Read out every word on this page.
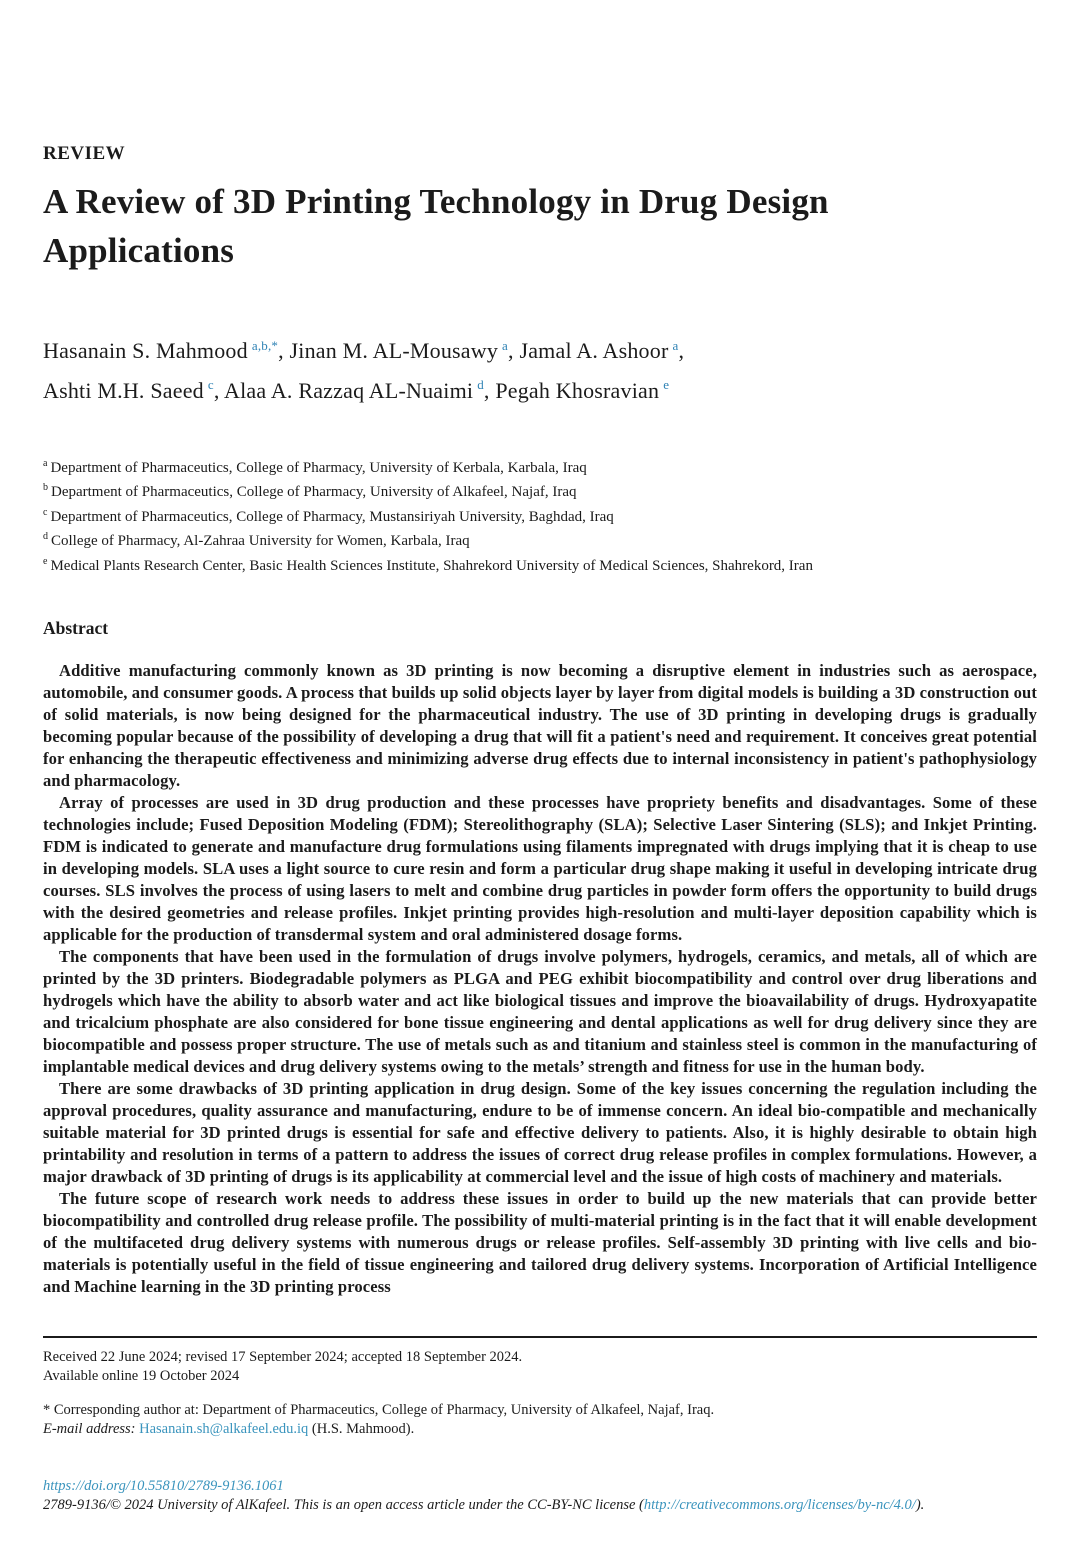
REVIEW
A Review of 3D Printing Technology in Drug Design Applications
Hasanain S. Mahmood $^{a,b,*}$, Jinan M. AL-Mousawy $^a$, Jamal A. Ashoor $^a$,
Ashti M.H. Saeed $^c$, Alaa A. Razzaq AL-Nuaimi $^d$, Pegah Khosravian $^e$
$^a$ Department of Pharmaceutics, College of Pharmacy, University of Kerbala, Karbala, Iraq
$^b$ Department of Pharmaceutics, College of Pharmacy, University of Alkafeel, Najaf, Iraq
$^c$ Department of Pharmaceutics, College of Pharmacy, Mustansiriyah University, Baghdad, Iraq
$^d$ College of Pharmacy, Al-Zahraa University for Women, Karbala, Iraq
$^e$ Medical Plants Research Center, Basic Health Sciences Institute, Shahrekord University of Medical Sciences, Shahrekord, Iran
Abstract

Additive manufacturing commonly known as 3D printing is now becoming a disruptive element in industries such as aerospace, automobile, and consumer goods. A process that builds up solid objects layer by layer from digital models is building a 3D construction out of solid materials, is now being designed for the pharmaceutical industry. The use of 3D printing in developing drugs is gradually becoming popular because of the possibility of developing a drug that will fit a patient's need and requirement. It conceives great potential for enhancing the therapeutic effectiveness and minimizing adverse drug effects due to internal inconsistency in patient's pathophysiology and pharmacology.

Array of processes are used in 3D drug production and these processes have propriety benefits and disadvantages. Some of these technologies include; Fused Deposition Modeling (FDM); Stereolithography (SLA); Selective Laser Sintering (SLS); and Inkjet Printing. FDM is indicated to generate and manufacture drug formulations using filaments impregnated with drugs implying that it is cheap to use in developing models. SLA uses a light source to cure resin and form a particular drug shape making it useful in developing intricate drug courses. SLS involves the process of using lasers to melt and combine drug particles in powder form offers the opportunity to build drugs with the desired geometries and release profiles. Inkjet printing provides high-resolution and multi-layer deposition capability which is applicable for the production of transdermal system and oral administered dosage forms.

The components that have been used in the formulation of drugs involve polymers, hydrogels, ceramics, and metals, all of which are printed by the 3D printers. Biodegradable polymers as PLGA and PEG exhibit biocompatibility and control over drug liberations and hydrogels which have the ability to absorb water and act like biological tissues and improve the bioavailability of drugs. Hydroxyapatite and tricalcium phosphate are also considered for bone tissue engineering and dental applications as well for drug delivery since they are biocompatible and possess proper structure. The use of metals such as and titanium and stainless steel is common in the manufacturing of implantable medical devices and drug delivery systems owing to the metals’ strength and fitness for use in the human body.

There are some drawbacks of 3D printing application in drug design. Some of the key issues concerning the regulation including the approval procedures, quality assurance and manufacturing, endure to be of immense concern. An ideal bio-compatible and mechanically suitable material for 3D printed drugs is essential for safe and effective delivery to patients. Also, it is highly desirable to obtain high printability and resolution in terms of a pattern to address the issues of correct drug release profiles in complex formulations. However, a major drawback of 3D printing of drugs is its applicability at commercial level and the issue of high costs of machinery and materials.

The future scope of research work needs to address these issues in order to build up the new materials that can provide better biocompatibility and controlled drug release profile. The possibility of multi-material printing is in the fact that it will enable development of the multifaceted drug delivery systems with numerous drugs or release profiles. Self-assembly 3D printing with live cells and bio-materials is potentially useful in the field of tissue engineering and tailored drug delivery systems. Incorporation of Artificial Intelligence and Machine learning in the 3D printing process

Received 22 June 2024; revised 17 September 2024; accepted 18 September 2024.
Available online 19 October 2024
* Corresponding author at: Department of Pharmaceutics, College of Pharmacy, University of Alkafeel, Najaf, Iraq.
E-mail address: Hasanain.sh@alkafeel.edu.iq (H.S. Mahmood).
https://doi.org/10.55810/2789-9136.1061
2789-9136/© 2024 University of AlKafeel. This is an open access article under the CC-BY-NC license (http://creativecommons.org/licenses/by-nc/4.0/).
